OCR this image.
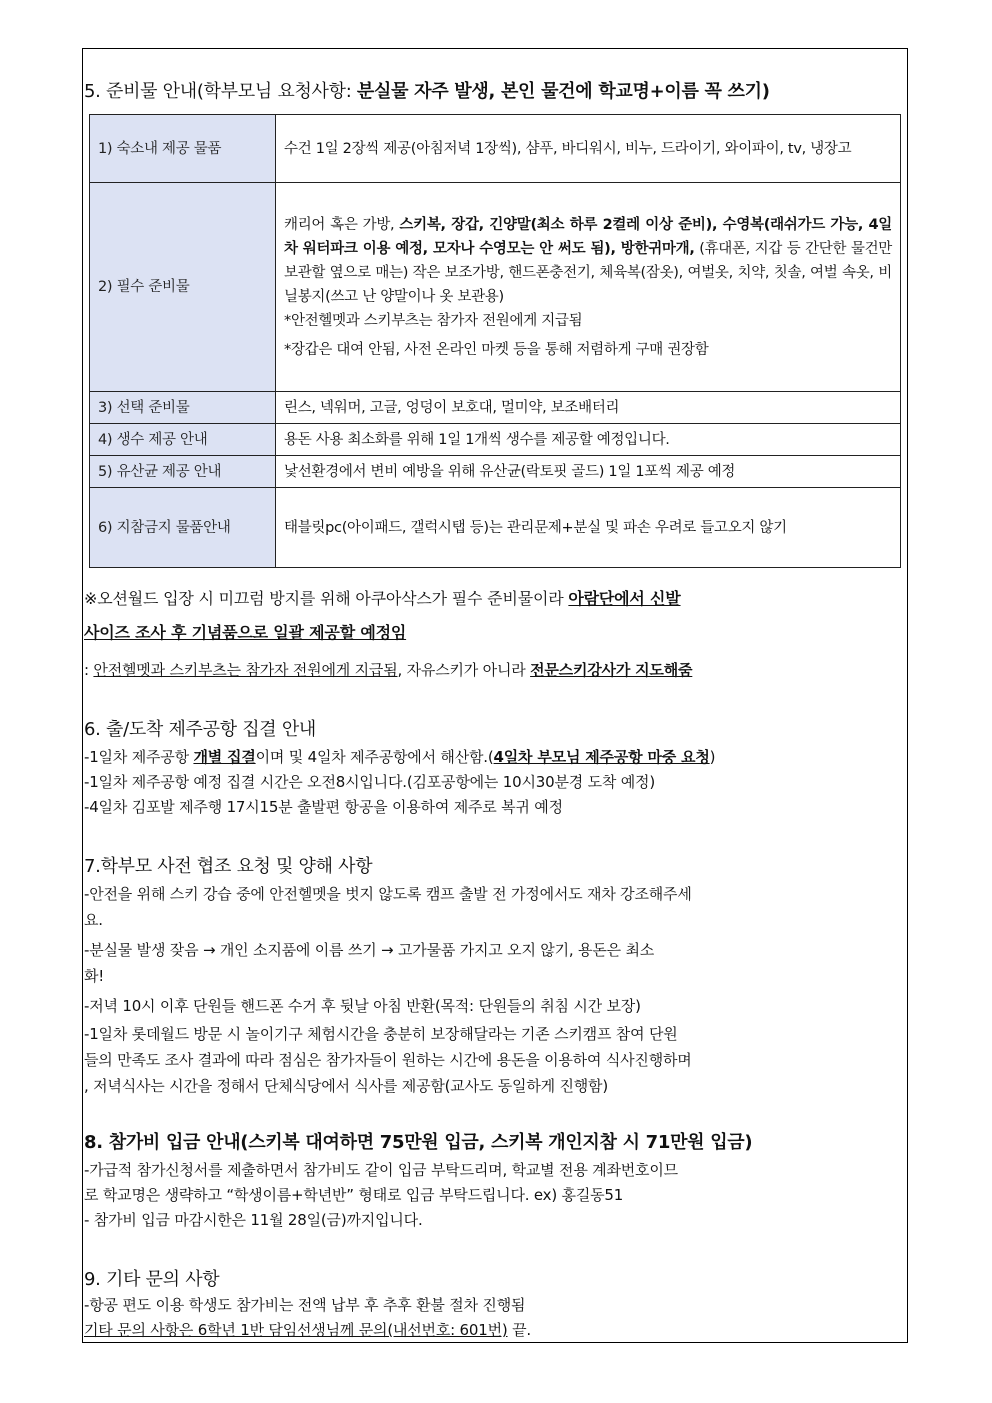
5. 준비물 안내(학부모님 요청사항: 분실물 자주 발생, 본인 물건에 학교명+이름 꼭 쓰기)
1) 숙소내 제공 물품	수건 1일 2장씩 제공(아침저녁 1장씩), 샴푸, 바디워시, 비누, 드라이기, 와이파이, tv, 냉장고
2) 필수 준비물	캐리어 혹은 가방, 스키복, 장갑, 긴양말(최소 하루 2켤레 이상 준비), 수영복(래쉬가드 가능, 4일차 워터파크 이용 예정, 모자나 수영모는 안 써도 됨), 방한귀마개, (휴대폰, 지갑 등 간단한 물건만 보관할 옆으로 매는) 작은 보조가방, 핸드폰충전기, 체육복(잠옷), 여벌옷, 치약, 칫솔, 여벌 속옷, 비닐봉지(쓰고 난 양말이나 옷 보관용)
*안전헬멧과 스키부츠는 참가자 전원에게 지급됨

*장갑은 대여 안됨, 사전 온라인 마켓 등을 통해 저렴하게 구매 권장함

3) 선택 준비물	린스, 넥워머, 고글, 엉덩이 보호대, 멀미약, 보조배터리
4) 생수 제공 안내	용돈 사용 최소화를 위해 1일 1개씩 생수를 제공할 예정입니다.
5) 유산균 제공 안내	낯선환경에서 변비 예방을 위해 유산균(락토핏 골드) 1일 1포씩 제공 예정
6) 지참금지 물품안내	태블릿pc(아이패드, 갤럭시탭 등)는 관리문제+분실 및 파손 우려로 들고오지 않기
※오션월드 입장 시 미끄럼 방지를 위해 아쿠아삭스가 필수 준비물이라 아람단에서 신발
사이즈 조사 후 기념품으로 일괄 제공할 예정임
: 안전헬멧과 스키부츠는 참가자 전원에게 지급됨, 자유스키가 아니라 전문스키강사가 지도해줌
6. 출/도착 제주공항 집결 안내
-1일차 제주공항 개별 집결이며 및 4일차 제주공항에서 해산함.(4일차 부모님 제주공항 마중 요청)
-1일차 제주공항 예정 집결 시간은 오전8시입니다.(김포공항에는 10시30분경 도착 예정)
-4일차 김포발 제주행 17시15분 출발편 항공을 이용하여 제주로 복귀 예정
7.학부모 사전 협조 요청 및 양해 사항
-안전을 위해 스키 강습 중에 안전헬멧을 벗지 않도록 캠프 출발 전 가정에서도 재차 강조해주세
요.
-분실물 발생 잦음 → 개인 소지품에 이름 쓰기 → 고가물품 가지고 오지 않기, 용돈은 최소
화!
-저녁 10시 이후 단원들 핸드폰 수거 후 뒷날 아침 반환(목적: 단원들의 취침 시간 보장)
-1일차 롯데월드 방문 시 놀이기구 체험시간을 충분히 보장해달라는 기존 스키캠프 참여 단원
들의 만족도 조사 결과에 따라 점심은 참가자들이 원하는 시간에 용돈을 이용하여 식사진행하며
, 저녁식사는 시간을 정해서 단체식당에서 식사를 제공함(교사도 동일하게 진행함)
8. 참가비 입금 안내(스키복 대여하면 75만원 입금, 스키복 개인지참 시 71만원 입금)
-가급적 참가신청서를 제출하면서 참가비도 같이 입금 부탁드리며, 학교별 전용 계좌번호이므
로 학교명은 생략하고 “학생이름+학년반” 형태로 입금 부탁드립니다. ex) 홍길동51
- 참가비 입금 마감시한은 11월 28일(금)까지입니다.
9. 기타 문의 사항
-항공 편도 이용 학생도 참가비는 전액 납부 후 추후 환불 절차 진행됨
기타 문의 사항은 6학년 1반 담임선생님께 문의(내선번호: 601번) 끝.
